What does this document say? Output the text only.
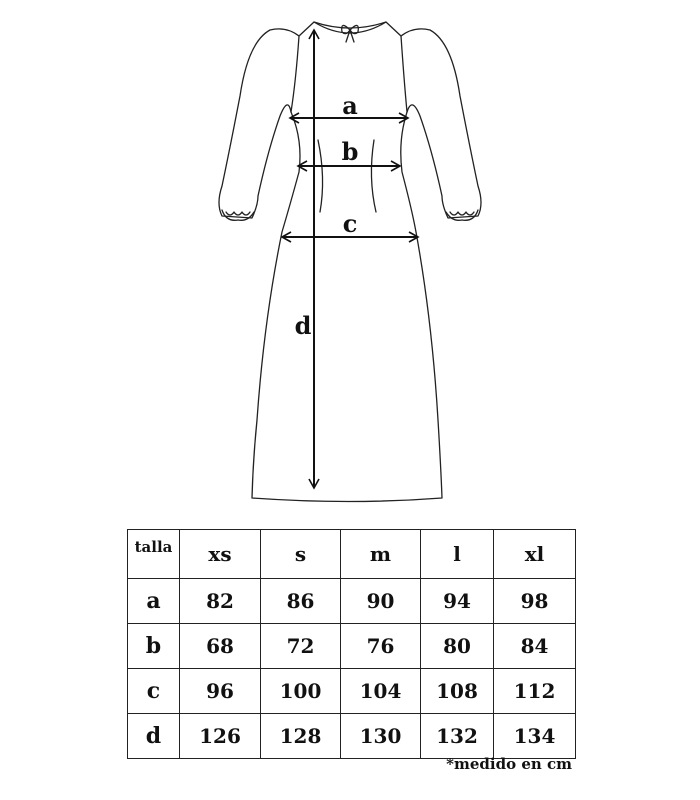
a
b
c
d
talla	xs	s	m	l	xl
a	82	86	90	94	98
b	68	72	76	80	84
c	96	100	104	108	112
d	126	128	130	132	134
*medido en cm
